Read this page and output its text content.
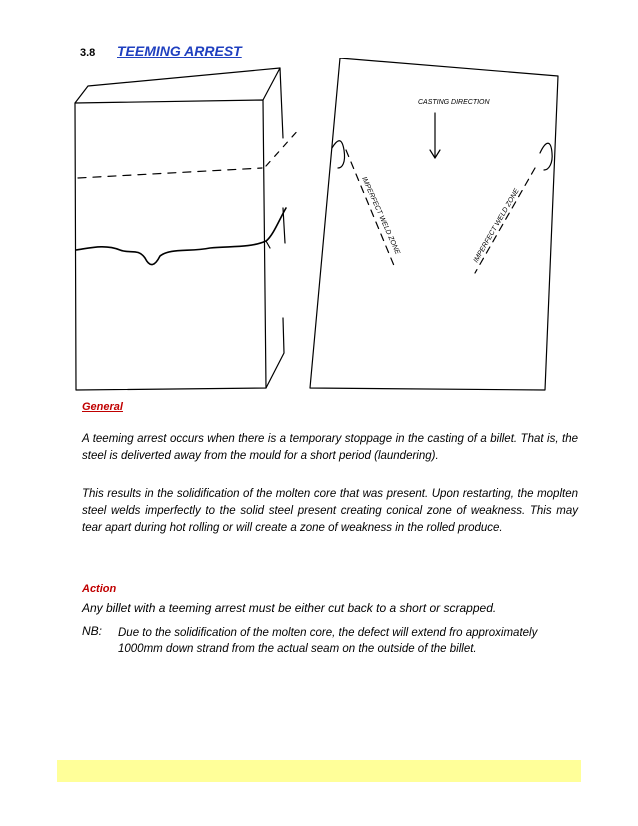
3.8 TEEMING ARREST
CASTING DIRECTION
IMPERFECT WELD ZONE	IMPERFECT WELD ZONE
General
A teeming arrest occurs when there is a temporary stoppage in the casting of a billet. That is, the steel is deliverted away from the mould for a short period (laundering).
This results in the solidification of the molten core that was present. Upon restarting, the moplten steel welds imperfectly to the solid steel present creating conical zone of weakness. This may tear apart during hot rolling or will create a zone of weakness in the rolled produce.
Action
Any billet with a teeming arrest must be either cut back to a short or scrapped.
NB: Due to the solidification of the molten core, the defect will extend fro approximately 1000mm down strand from the actual seam on the outside of the billet.
